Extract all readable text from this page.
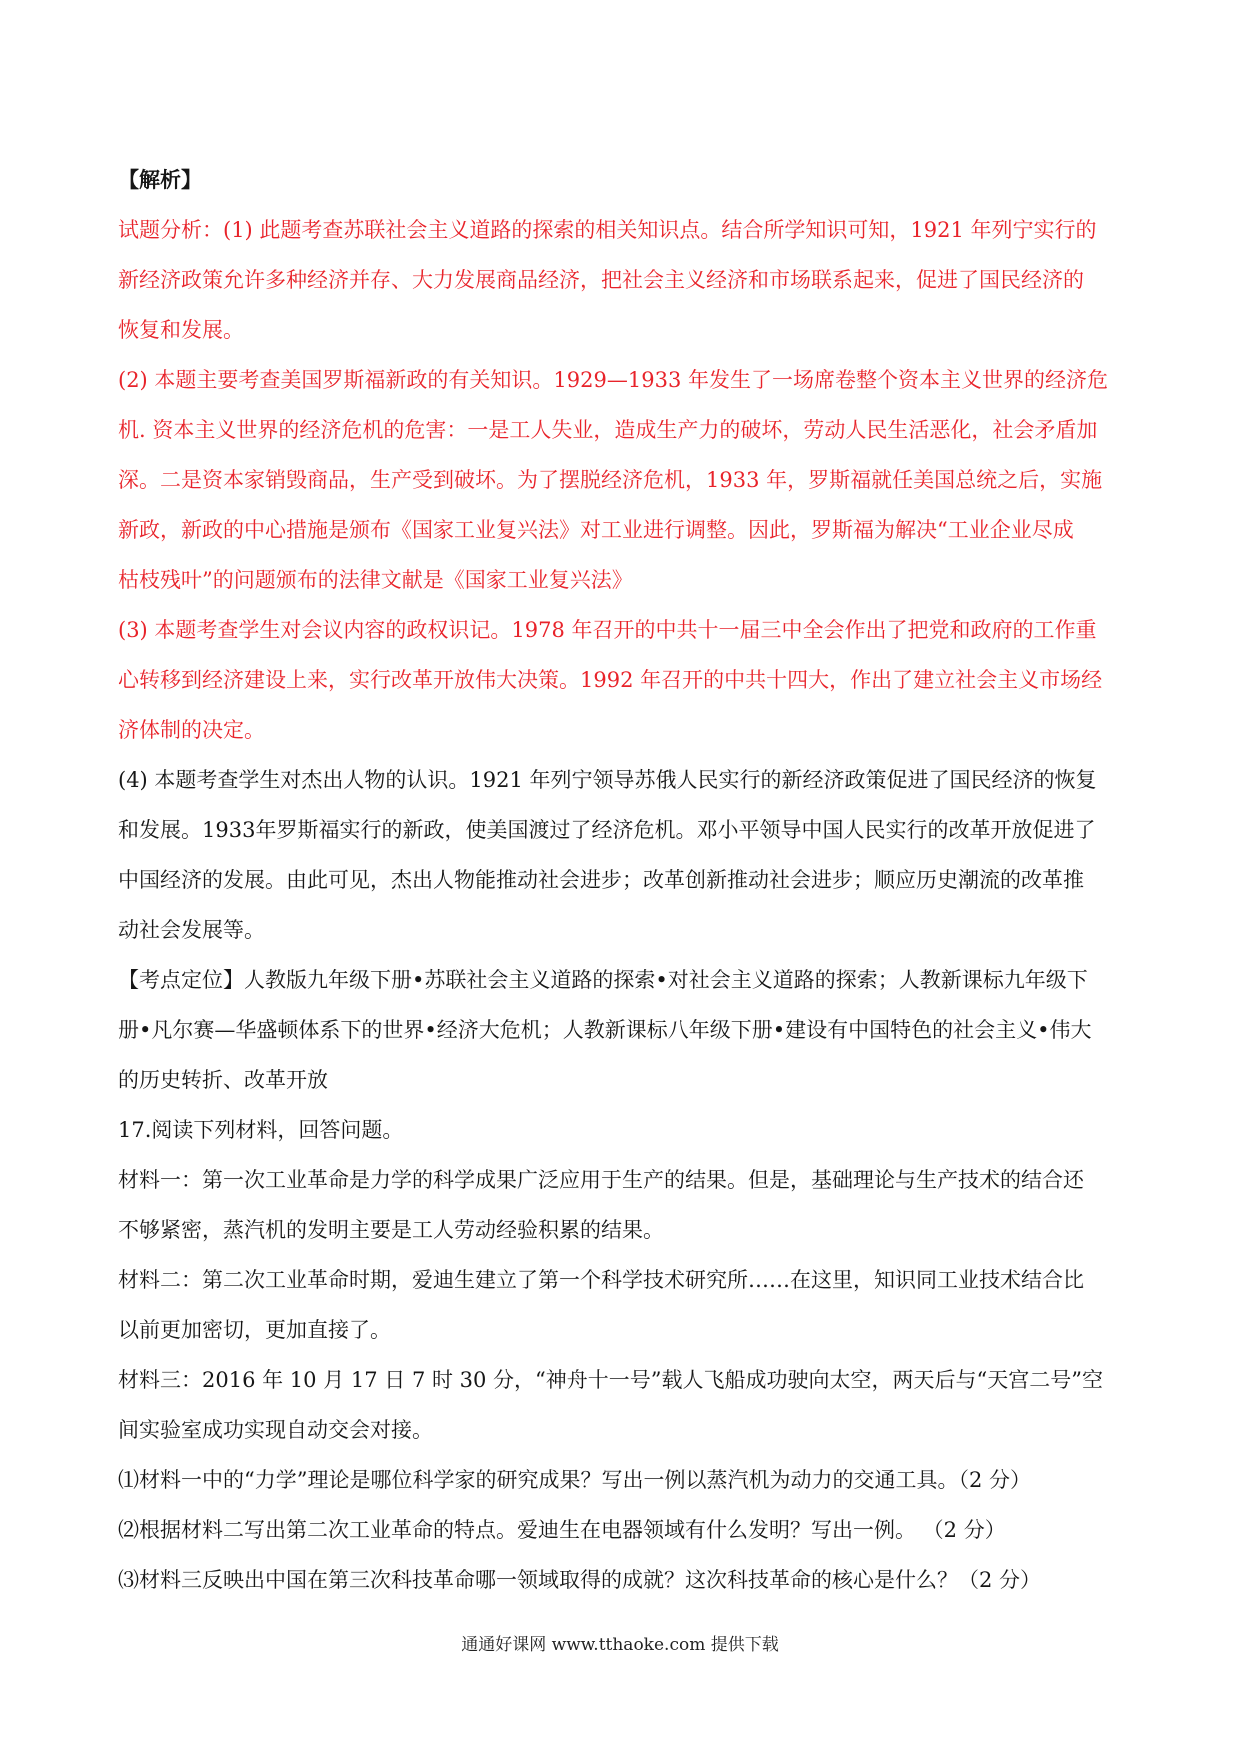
【解析】
试题分析：(1) 此题考查苏联社会主义道路的探索的相关知识点。结合所学知识可知，1921 年列宁实行的
新经济政策允许多种经济并存、大力发展商品经济，把社会主义经济和市场联系起来，促进了国民经济的
恢复和发展。
(2) 本题主要考查美国罗斯福新政的有关知识。1929—1933 年发生了一场席卷整个资本主义世界的经济危
机. 资本主义世界的经济危机的危害：一是工人失业，造成生产力的破坏，劳动人民生活恶化，社会矛盾加
深。二是资本家销毁商品，生产受到破坏。为了摆脱经济危机，1933 年，罗斯福就任美国总统之后，实施
新政，新政的中心措施是颁布《国家工业复兴法》对工业进行调整。因此，罗斯福为解决“工业企业尽成
枯枝残叶”的问题颁布的法律文献是《国家工业复兴法》
(3) 本题考查学生对会议内容的政权识记。1978 年召开的中共十一届三中全会作出了把党和政府的工作重
心转移到经济建设上来，实行改革开放伟大决策。1992 年召开的中共十四大，作出了建立社会主义市场经
济体制的决定。
(4) 本题考查学生对杰出人物的认识。1921 年列宁领导苏俄人民实行的新经济政策促进了国民经济的恢复
和发展。1933年罗斯福实行的新政，使美国渡过了经济危机。邓小平领导中国人民实行的改革开放促进了
中国经济的发展。由此可见，杰出人物能推动社会进步；改革创新推动社会进步；顺应历史潮流的改革推
动社会发展等。
【考点定位】人教版九年级下册•苏联社会主义道路的探索•对社会主义道路的探索；人教新课标九年级下
册•凡尔赛—华盛顿体系下的世界•经济大危机；人教新课标八年级下册•建设有中国特色的社会主义•伟大
的历史转折、改革开放
17.阅读下列材料，回答问题。
材料一：第一次工业革命是力学的科学成果广泛应用于生产的结果。但是，基础理论与生产技术的结合还
不够紧密，蒸汽机的发明主要是工人劳动经验积累的结果。
材料二：第二次工业革命时期，爱迪生建立了第一个科学技术研究所……在这里，知识同工业技术结合比
以前更加密切，更加直接了。
材料三：2016 年 10 月 17 日 7 时 30 分，“神舟十一号”载人飞船成功驶向太空，两天后与“天宫二号”空
间实验室成功实现自动交会对接。
⑴材料一中的“力学”理论是哪位科学家的研究成果？写出一例以蒸汽机为动力的交通工具。（2 分）
⑵根据材料二写出第二次工业革命的特点。爱迪生在电器领域有什么发明？写出一例。 （2 分）
⑶材料三反映出中国在第三次科技革命哪一领域取得的成就？这次科技革命的核心是什么？（2 分）
通通好课网 www.tthaoke.com 提供下载
